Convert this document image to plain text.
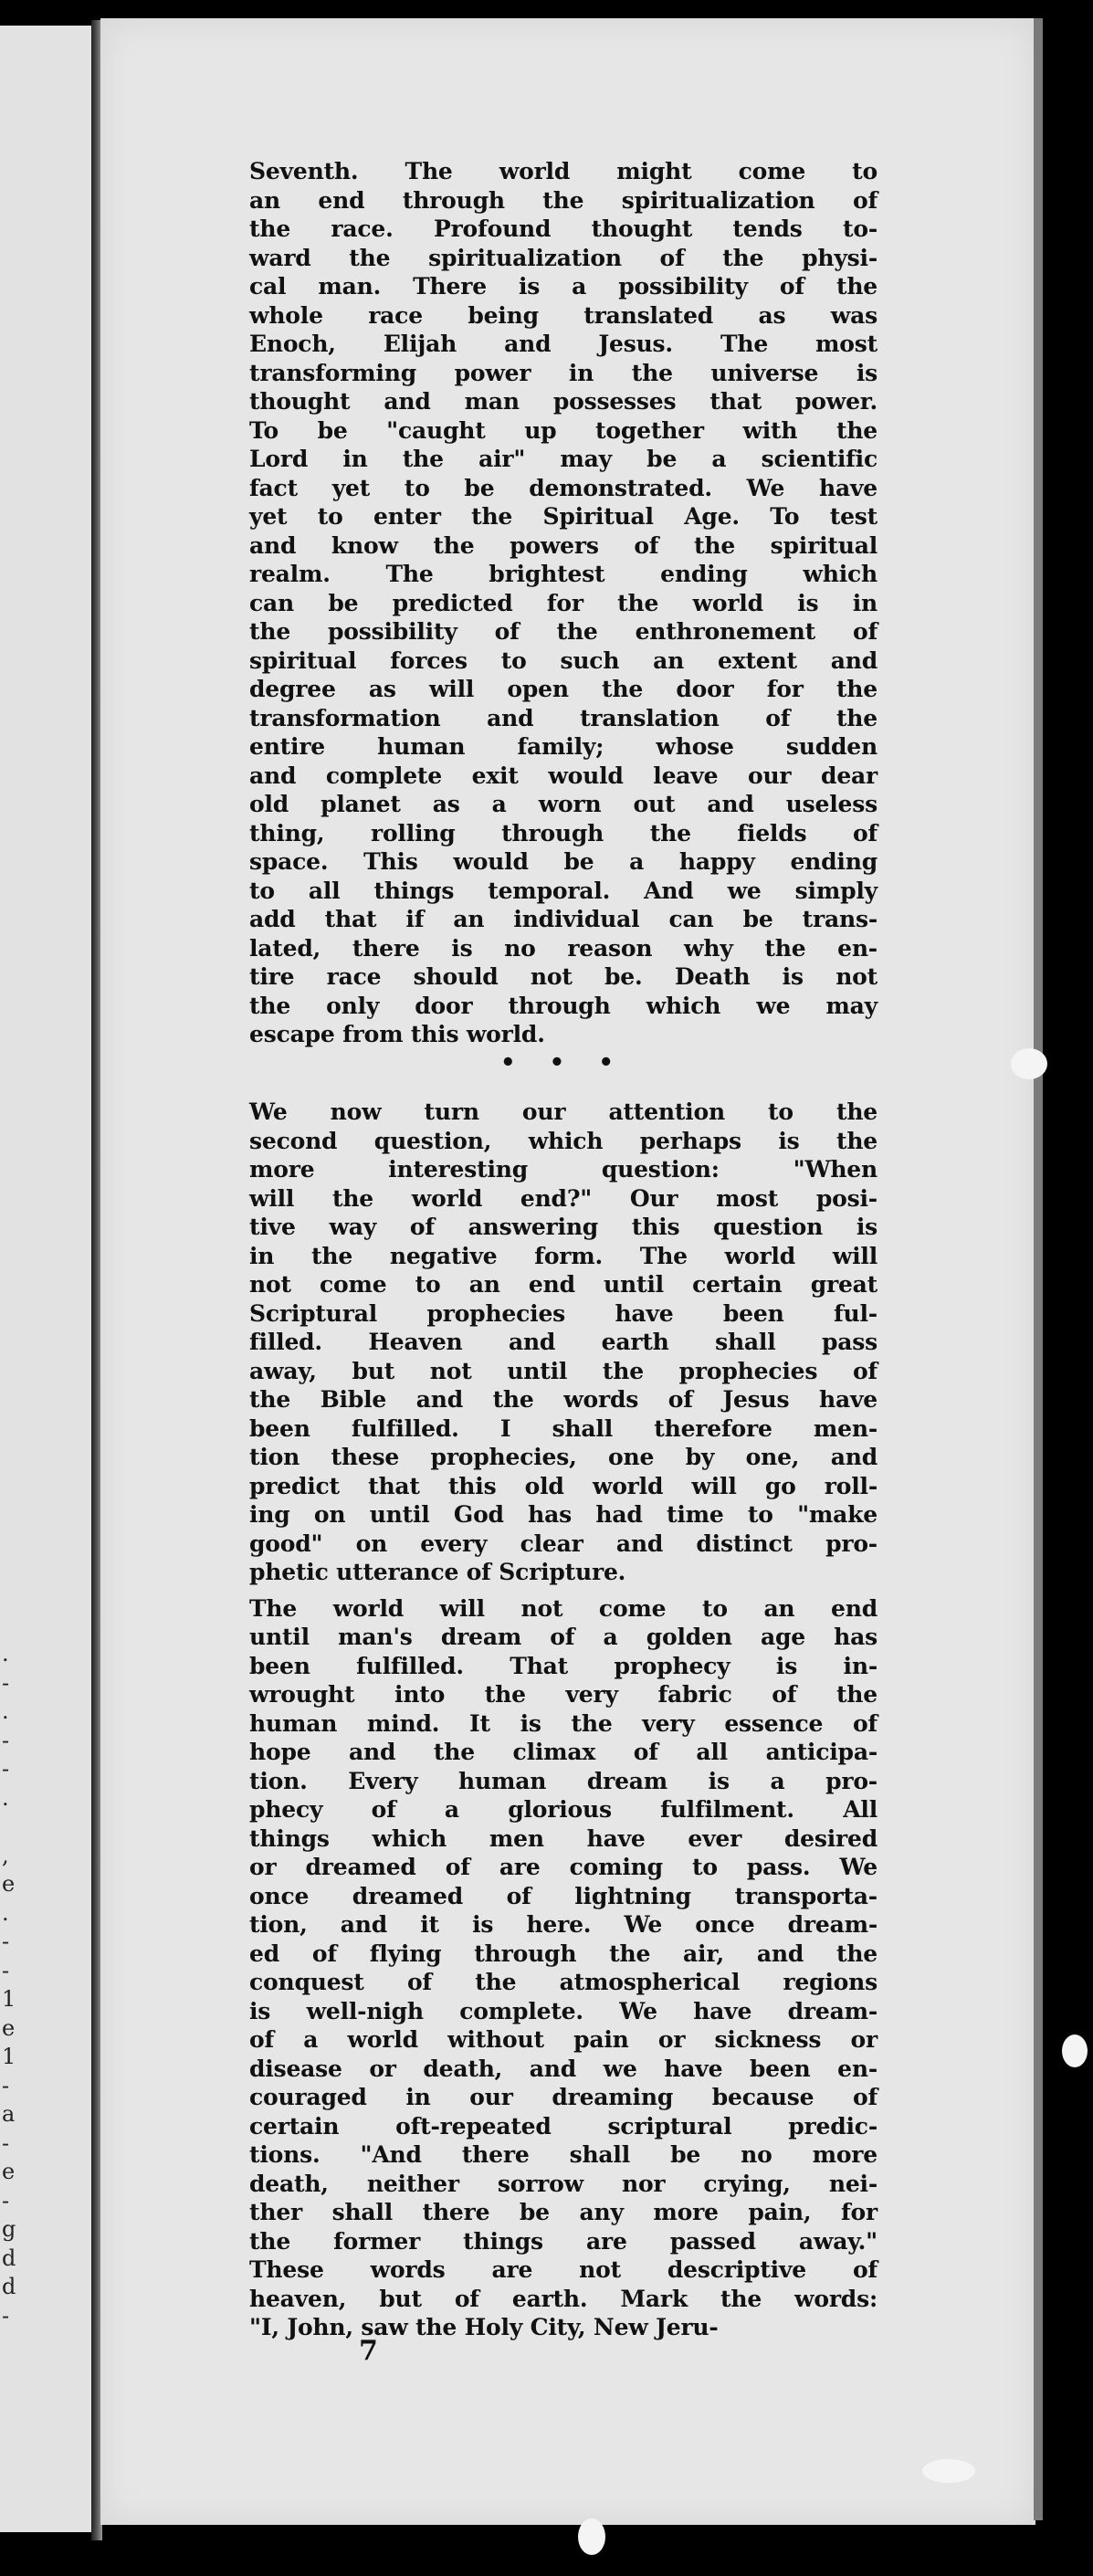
.
-
.
-
-
.
,
e
.
-
-
1
e
1
-
a
-
e
-
g
d
d
-
Seventh. The world might come to
an end through the spiritualization of
the race. Profound thought tends to-
ward the spiritualization of the physi-
cal man. There is a possibility of the
whole race being translated as was
Enoch, Elijah and Jesus. The most
transforming power in the universe is
thought and man possesses that power.
To be "caught up together with the
Lord in the air" may be a scientific
fact yet to be demonstrated. We have
yet to enter the Spiritual Age. To test
and know the powers of the spiritual
realm. The brightest ending which
can be predicted for the world is in
the possibility of the enthronement of
spiritual forces to such an extent and
degree as will open the door for the
transformation and translation of the
entire human family; whose sudden
and complete exit would leave our dear
old planet as a worn out and useless
thing, rolling through the fields of
space. This would be a happy ending
to all things temporal. And we simply
add that if an individual can be trans-
lated, there is no reason why the en-
tire race should not be. Death is not
the only door through which we may
escape from this world.
• • •
We now turn our attention to the
second question, which perhaps is the
more interesting question: "When
will the world end?" Our most posi-
tive way of answering this question is
in the negative form. The world will
not come to an end until certain great
Scriptural prophecies have been ful-
filled. Heaven and earth shall pass
away, but not until the prophecies of
the Bible and the words of Jesus have
been fulfilled. I shall therefore men-
tion these prophecies, one by one, and
predict that this old world will go roll-
ing on until God has had time to "make
good" on every clear and distinct pro-
phetic utterance of Scripture.
The world will not come to an end
until man's dream of a golden age has
been fulfilled. That prophecy is in-
wrought into the very fabric of the
human mind. It is the very essence of
hope and the climax of all anticipa-
tion. Every human dream is a pro-
phecy of a glorious fulfilment. All
things which men have ever desired
or dreamed of are coming to pass. We
once dreamed of lightning transporta-
tion, and it is here. We once dream-
ed of flying through the air, and the
conquest of the atmospherical regions
is well-nigh complete. We have dream-
of a world without pain or sickness or
disease or death, and we have been en-
couraged in our dreaming because of
certain oft-repeated scriptural predic-
tions. "And there shall be no more
death, neither sorrow nor crying, nei-
ther shall there be any more pain, for
the former things are passed away."
These words are not descriptive of
heaven, but of earth. Mark the words:
"I, John, saw the Holy City, New Jeru-
7
